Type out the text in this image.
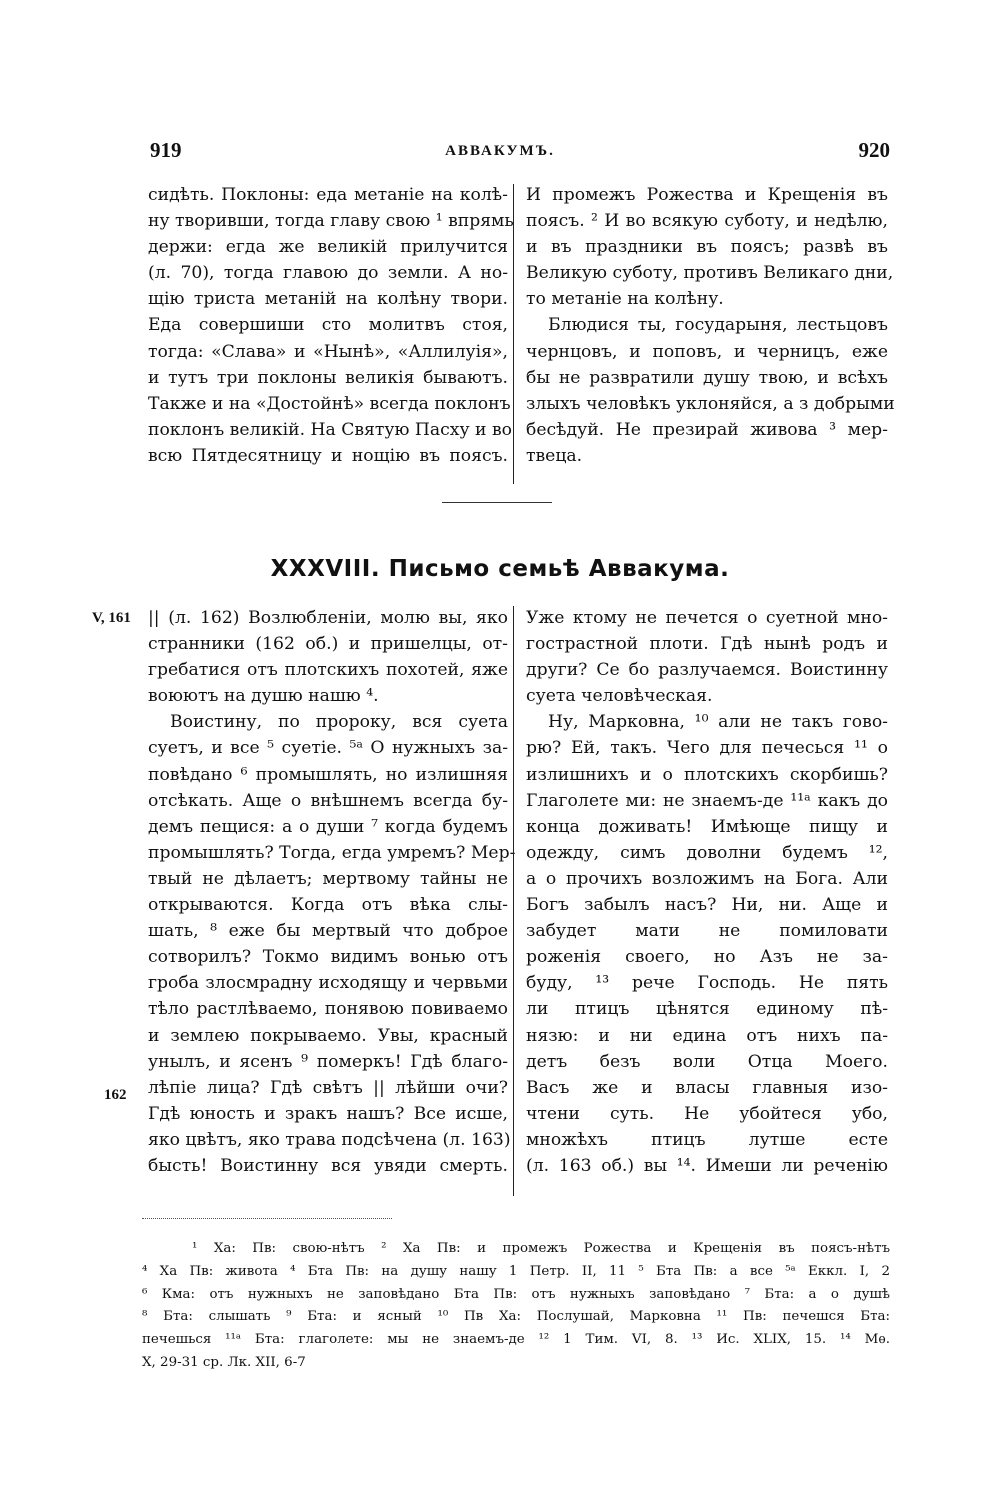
919	АВВАКУМЪ.	920
сидѣть. Поклоны: еда метаніе на колѣ-
ну творивши, тогда главу свою ¹ впрямь
держи: егда же великій прилучится
(л. 70), тогда главою до земли. А но-
щію триста метаній на колѣну твори.
Еда совершиши сто молитвъ стоя,
тогда: «Слава» и «Нынѣ», «Аллилуія»,
и тутъ три поклоны великія бываютъ.
Также и на «Достойнѣ» всегда поклонъ
поклонъ великій. На Святую Пасху и во
всю Пятдесятницу и нощію въ поясъ.
И промежъ Рожества и Крещенія въ
поясъ. ² И во всякую суботу, и недѣлю,
и въ праздники въ поясъ; развѣ въ
Великую суботу, противъ Великаго дни,
то метаніе на колѣну.
Блюдися ты, государыня, лестьцовъ
чернцовъ, и поповъ, и черницъ, еже
бы не развратили душу твою, и всѣхъ
злыхъ человѣкъ уклоняйся, а з добрыми
бесѣдуй. Не презирай живова ³ мер-
твеца.
XXXVIII. Письмо семьѣ Аввакума.
V, 161
162
|| (л. 162) Возлюбленіи, молю вы, яко
странники (162 об.) и пришелцы, от-
гребатися отъ плотскихъ похотей, яже
воюютъ на душю нашю ⁴.
Воистину, по пророку, вся суета
суетъ, и все ⁵ суетіе. ⁵ᵃ О нужныхъ за-
повѣдано ⁶ промышлять, но излишняя
отсѣкать. Аще о внѣшнемъ всегда бу-
демъ пещися: а о души ⁷ когда будемъ
промышлять? Тогда, егда умремъ? Мер-
твый не дѣлаетъ; мертвому тайны не
открываются. Когда отъ вѣка слы-
шать, ⁸ еже бы мертвый что доброе
сотворилъ? Токмо видимъ вонью отъ
гроба злосмраднy исходящу и червьми
тѣло растлѣваемо, понявою повиваемо
и землею покрываемо. Увы, красный
унылъ, и ясенъ ⁹ померкъ! Гдѣ благо-
лѣпіе лица? Гдѣ свѣтъ || лѣйши очи?
Гдѣ юность и зракъ нашъ? Все исше,
яко цвѣтъ, яко трава подсѣчена (л. 163)
бысть! Воистинну вся увяди смерть.
Уже ктому не печется о суетной мно-
гострастной плоти. Гдѣ нынѣ родъ и
други? Се бо разлучаемся. Воистинну
суета человѣческая.
Ну, Марковна, ¹⁰ али не такъ гово-
рю? Ей, такъ. Чего для печесься ¹¹ о
излишнихъ и о плотскихъ скорбишь?
Глаголете ми: не знаемъ-де ¹¹ᵃ какъ до
конца доживать! Имѣюще пищу и
одежду, симъ доволни будемъ ¹²,
а о прочихъ возложимъ на Бога. Али
Богъ забылъ насъ? Ни, ни. Аще и
забудет мати не помиловати
роженія своего, но Азъ не за-
буду, ¹³ рече Господь. Не пять
ли птицъ цѣнятся единому пѣ-
нязю: и ни едина отъ нихъ па-
детъ безъ воли Отца Моего.
Васъ же и власы главныя изо-
чтени суть. Не убойтеся убо,
множѣхъ птицъ лутше есте
(л. 163 об.) вы ¹⁴. Имеши ли реченію
¹ Ха: Пв: свою-нѣтъ ² Ха Пв: и промежъ Рожества и Крещенія въ поясъ-нѣтъ
⁴ Ха Пв: живота ⁴ Бта Пв: на душу нашу 1 Петр. II, 11 ⁵ Бта Пв: а все ⁵ᵃ Еккл. I, 2
⁶ Кма: отъ нужныхъ не заповѣдано Бта Пв: отъ нужныхъ заповѣдано ⁷ Бта: а о душѣ
⁸ Бта: слышать ⁹ Бта: и ясный ¹⁰ Пв Ха: Послушай, Марковна ¹¹ Пв: печешся Бта:
печешься ¹¹ᵃ Бта: глаголете: мы не знаемъ-де ¹² 1 Тим. VI, 8. ¹³ Ис. XLIX, 15. ¹⁴ Мѳ.
X, 29-31 ср. Лк. XII, 6-7
